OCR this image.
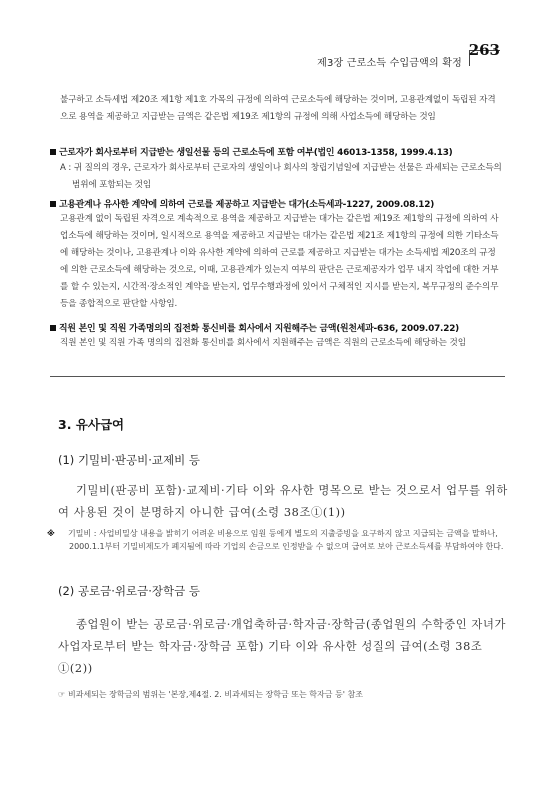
제3장 근로소득 수입금액의 확정
263
불구하고 소득세법 제20조 제1항 제1호 가목의 규정에 의하여 근로소득에 해당하는 것이며, 고용관계없이 독립된 자격으로 용역을 제공하고 지급받는 금액은 같은법 제19조 제1항의 규정에 의해 사업소득에 해당하는 것임
근로자가 회사로부터 지급받는 생일선물 등의 근로소득에 포함 여부(법인 46013-1358, 1999.4.13)
A : 귀 질의의 경우, 근로자가 회사로부터 근로자의 생일이나 회사의 창립기념일에 지급받는 선물은 과세되는 근로소득의 범위에 포함되는 것임
고용관계나 유사한 계약에 의하여 근로를 제공하고 지급받는 대가(소득세과-1227, 2009.08.12)
고용관계 없이 독립된 자격으로 계속적으로 용역을 제공하고 지급받는 대가는 같은법 제19조 제1항의 규정에 의하여 사업소득에 해당하는 것이며, 일시적으로 용역을 제공하고 지급받는 대가는 같은법 제21조 제1항의 규정에 의한 기타소득에 해당하는 것이나, 고용관계나 이와 유사한 계약에 의하여 근로를 제공하고 지급받는 대가는 소득세법 제20조의 규정에 의한 근로소득에 해당하는 것으로, 이때, 고용관계가 있는지 여부의 판단은 근로제공자가 업무 내지 작업에 대한 거부를 할 수 있는지, 시간적·장소적인 계약을 받는지, 업무수행과정에 있어서 구체적인 지시를 받는지, 복무규정의 준수의무 등을 종합적으로 판단할 사항임.
직원 본인 및 직원 가족명의의 집전화 통신비를 회사에서 지원해주는 금액(원천세과-636, 2009.07.22)
직원 본인 및 직원 가족 명의의 집전화 통신비를 회사에서 지원해주는 금액은 직원의 근로소득에 해당하는 것임
3. 유사급여
(1) 기밀비·판공비·교제비 등
기밀비(판공비 포함)·교제비·기타 이와 유사한 명목으로 받는 것으로서 업무를 위하여 사용된 것이 분명하지 아니한 급여(소령 38조①(1))
※ 기밀비 : 사업비밀상 내용을 밝히기 어려운 비용으로 임원 등에게 별도의 지출증빙을 요구하지 않고 지급되는 금액을 말하나, 2000.1.1부터 기밀비제도가 폐지됨에 따라 기업의 손금으로 인정받을 수 없으며 급여로 보아 근로소득세를 부담하여야 한다.
(2) 공로금·위로금·장학금 등
종업원이 받는 공로금·위로금·개업축하금·학자금·장학금(종업원의 수학중인 자녀가 사업자로부터 받는 학자금·장학금 포함) 기타 이와 유사한 성질의 급여(소령 38조①(2))
☞ 비과세되는 장학금의 범위는 '본장,제4절. 2. 비과세되는 장학금 또는 학자금 등' 참조
